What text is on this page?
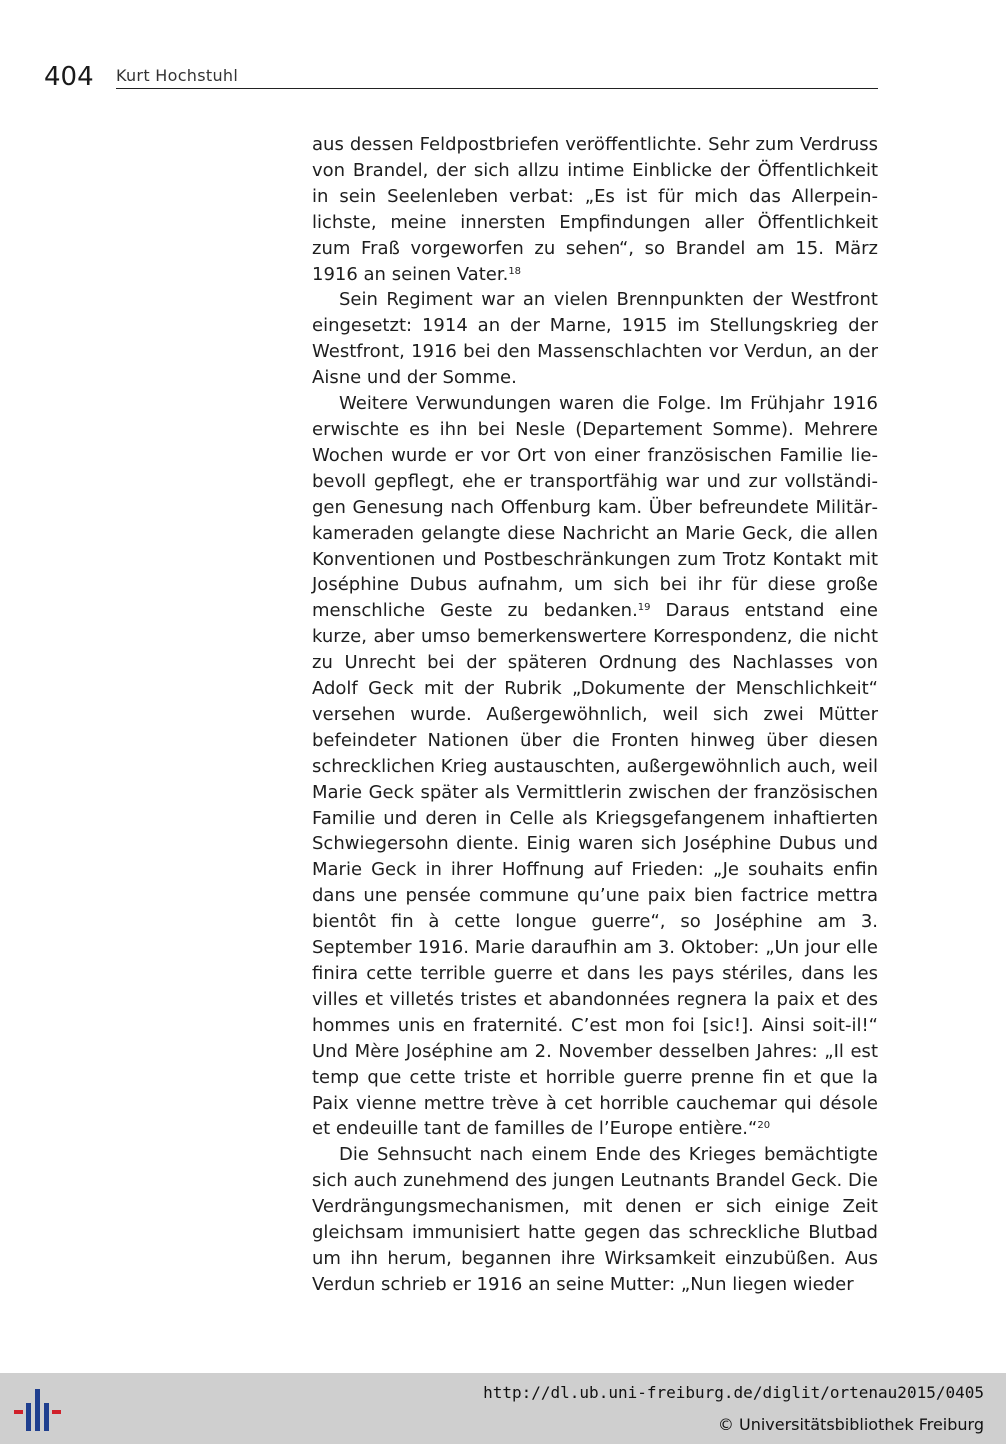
404 Kurt Hochstuhl

aus dessen Feldpostbriefen veröffentlichte. Sehr zum Verdruss von Brandel, der sich allzu intime Einblicke der Öffentlichkeit in sein Seelenleben verbat: „Es ist für mich das Allerpeinlichste, meine innersten Empfindungen aller Öffentlichkeit zum Fraß vorgeworfen zu sehen“, so Brandel am 15. März 1916 an seinen Vater.$^{18}$

Sein Regiment war an vielen Brennpunkten der Westfront eingesetzt: 1914 an der Marne, 1915 im Stellungskrieg der Westfront, 1916 bei den Massenschlachten vor Verdun, an der Aisne und der Somme.

Weitere Verwundungen waren die Folge. Im Frühjahr 1916 erwischte es ihn bei Nesle (Departement Somme). Mehrere Wochen wurde er vor Ort von einer französischen Familie liebevoll gepflegt, ehe er transportfähig war und zur vollständigen Genesung nach Offenburg kam. Über befreundete Militärkameraden gelangte diese Nachricht an Marie Geck, die allen Konventionen und Postbeschränkungen zum Trotz Kontakt mit Joséphine Dubus aufnahm, um sich bei ihr für diese große menschliche Geste zu bedanken.$^{19}$ Daraus entstand eine kurze, aber umso bemerkenswertere Korrespondenz, die nicht zu Unrecht bei der späteren Ordnung des Nachlasses von Adolf Geck mit der Rubrik „Dokumente der Menschlichkeit“ versehen wurde. Außergewöhnlich, weil sich zwei Mütter befeindeter Nationen über die Fronten hinweg über diesen schrecklichen Krieg austauschten, außergewöhnlich auch, weil Marie Geck später als Vermittlerin zwischen der französischen Familie und deren in Celle als Kriegsgefangenem inhaftierten Schwiegersohn diente. Einig waren sich Joséphine Dubus und Marie Geck in ihrer Hoffnung auf Frieden: „Je souhaits enfin dans une pensée commune qu’une paix bien factrice mettra bientôt fin à cette longue guerre“, so Joséphine am 3. September 1916. Marie daraufhin am 3. Oktober: „Un jour elle finira cette terrible guerre et dans les pays stériles, dans les villes et villetés tristes et abandonnées regnera la paix et des hommes unis en fraternité. C’est mon foi [sic!]. Ainsi soit-il!“ Und Mère Joséphine am 2. November desselben Jahres: „Il est temp que cette triste et horrible guerre prenne fin et que la Paix vienne mettre trève à cet horrible cauchemar qui désole et endeuille tant de familles de l’Europe entière.“$^{20}$

Die Sehnsucht nach einem Ende des Krieges bemächtigte sich auch zunehmend des jungen Leutnants Brandel Geck. Die Verdrängungsmechanismen, mit denen er sich einige Zeit gleichsam immunisiert hatte gegen das schreckliche Blutbad um ihn herum, begannen ihre Wirksamkeit einzubüßen. Aus Verdun schrieb er 1916 an seine Mutter: „Nun liegen wieder

http://dl.ub.uni-freiburg.de/diglit/ortenau2015/0405
© Universitätsbibliothek Freiburg
